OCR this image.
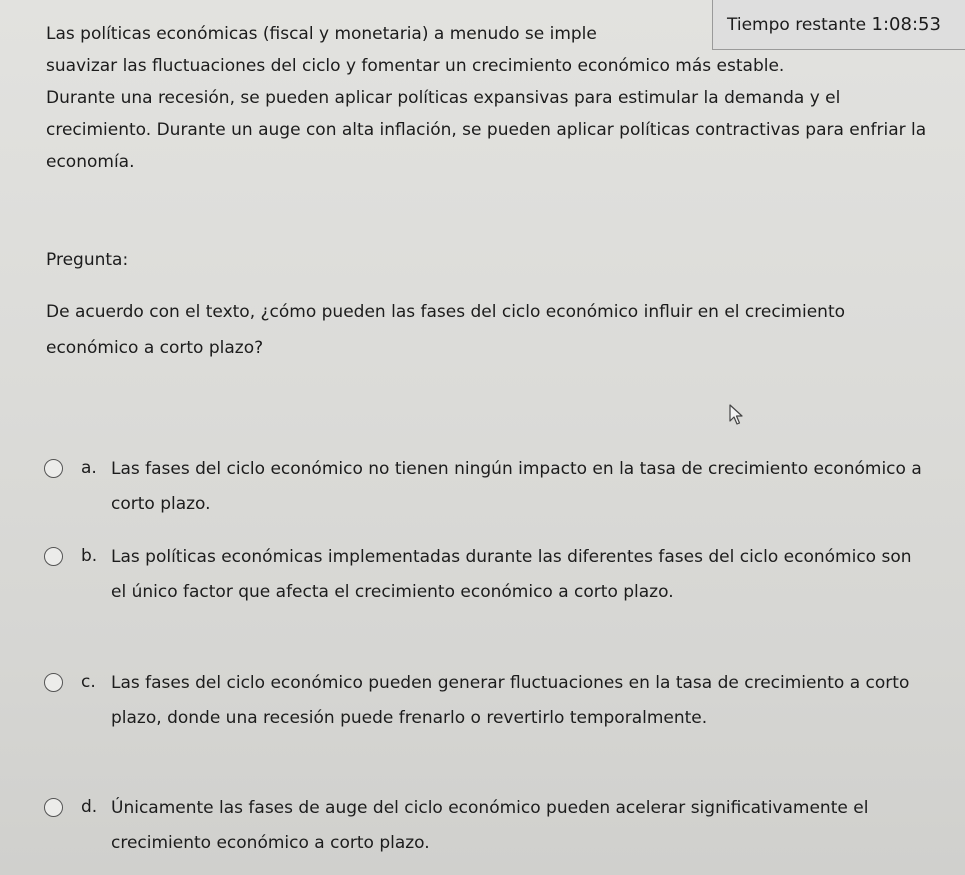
Las políticas económicas (fiscal y monetaria) a menudo se imple
suavizar las fluctuaciones del ciclo y fomentar un crecimiento económico más estable.

Durante una recesión, se pueden aplicar políticas expansivas para estimular la demanda y el crecimiento. Durante un auge con alta inflación, se pueden aplicar políticas contractivas para enfriar la economía.

Tiempo restante 1:08:53
Pregunta:
De acuerdo con el texto, ¿cómo pueden las fases del ciclo económico influir en el crecimiento económico a corto plazo?
a. Las fases del ciclo económico no tienen ningún impacto en la tasa de crecimiento económico a corto plazo.
b. Las políticas económicas implementadas durante las diferentes fases del ciclo económico son el único factor que afecta el crecimiento económico a corto plazo.
c. Las fases del ciclo económico pueden generar fluctuaciones en la tasa de crecimiento a corto plazo, donde una recesión puede frenarlo o revertirlo temporalmente.
d. Únicamente las fases de auge del ciclo económico pueden acelerar significativamente el crecimiento económico a corto plazo.
